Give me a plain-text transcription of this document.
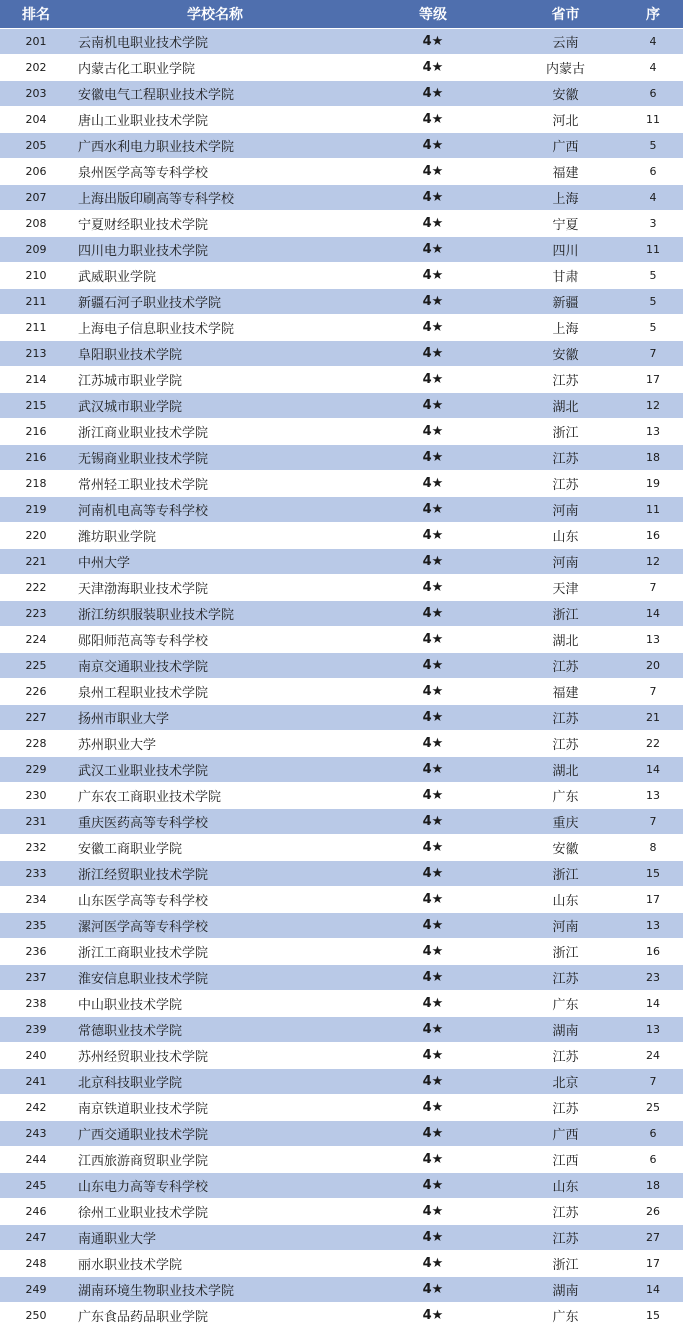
排名	学校名称	等级	省市	序
201	云南机电职业技术学院	4★	云南	4
202	内蒙古化工职业学院	4★	内蒙古	4
203	安徽电气工程职业技术学院	4★	安徽	6
204	唐山工业职业技术学院	4★	河北	11
205	广西水利电力职业技术学院	4★	广西	5
206	泉州医学高等专科学校	4★	福建	6
207	上海出版印刷高等专科学校	4★	上海	4
208	宁夏财经职业技术学院	4★	宁夏	3
209	四川电力职业技术学院	4★	四川	11
210	武威职业学院	4★	甘肃	5
211	新疆石河子职业技术学院	4★	新疆	5
211	上海电子信息职业技术学院	4★	上海	5
213	阜阳职业技术学院	4★	安徽	7
214	江苏城市职业学院	4★	江苏	17
215	武汉城市职业学院	4★	湖北	12
216	浙江商业职业技术学院	4★	浙江	13
216	无锡商业职业技术学院	4★	江苏	18
218	常州轻工职业技术学院	4★	江苏	19
219	河南机电高等专科学校	4★	河南	11
220	潍坊职业学院	4★	山东	16
221	中州大学	4★	河南	12
222	天津渤海职业技术学院	4★	天津	7
223	浙江纺织服装职业技术学院	4★	浙江	14
224	郧阳师范高等专科学校	4★	湖北	13
225	南京交通职业技术学院	4★	江苏	20
226	泉州工程职业技术学院	4★	福建	7
227	扬州市职业大学	4★	江苏	21
228	苏州职业大学	4★	江苏	22
229	武汉工业职业技术学院	4★	湖北	14
230	广东农工商职业技术学院	4★	广东	13
231	重庆医药高等专科学校	4★	重庆	7
232	安徽工商职业学院	4★	安徽	8
233	浙江经贸职业技术学院	4★	浙江	15
234	山东医学高等专科学校	4★	山东	17
235	漯河医学高等专科学校	4★	河南	13
236	浙江工商职业技术学院	4★	浙江	16
237	淮安信息职业技术学院	4★	江苏	23
238	中山职业技术学院	4★	广东	14
239	常德职业技术学院	4★	湖南	13
240	苏州经贸职业技术学院	4★	江苏	24
241	北京科技职业学院	4★	北京	7
242	南京铁道职业技术学院	4★	江苏	25
243	广西交通职业技术学院	4★	广西	6
244	江西旅游商贸职业学院	4★	江西	6
245	山东电力高等专科学校	4★	山东	18
246	徐州工业职业技术学院	4★	江苏	26
247	南通职业大学	4★	江苏	27
248	丽水职业技术学院	4★	浙江	17
249	湖南环境生物职业技术学院	4★	湖南	14
250	广东食品药品职业学院	4★	广东	15
